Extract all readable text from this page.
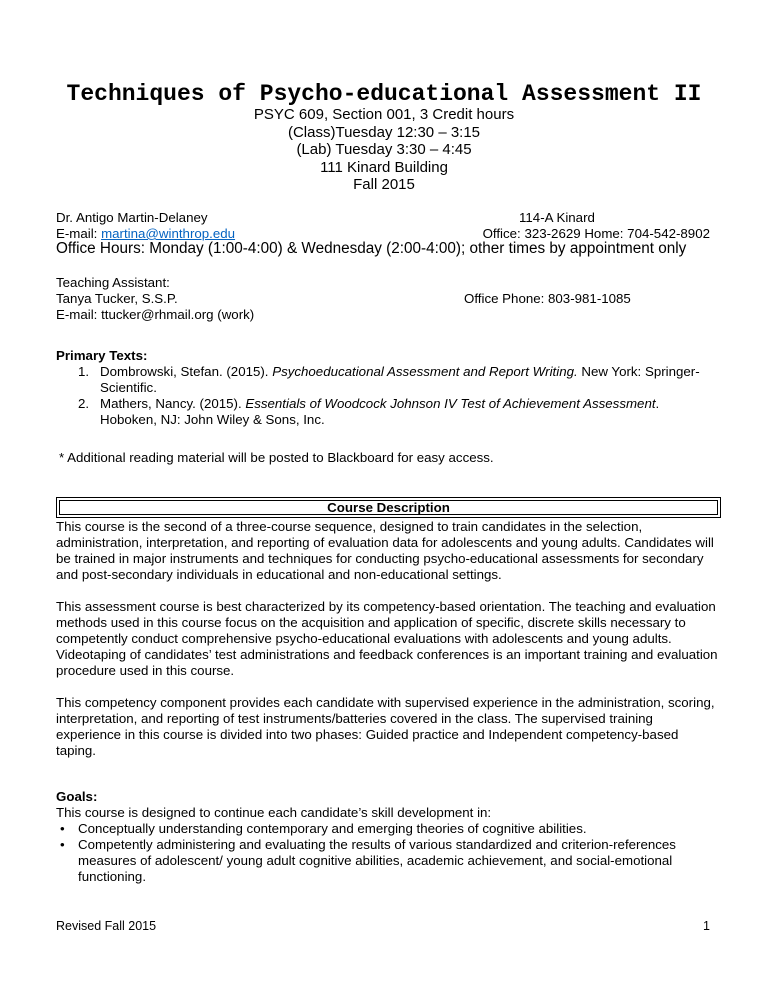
Techniques of Psycho-educational Assessment II
PSYC 609, Section 001, 3 Credit hours
(Class)Tuesday 12:30 – 3:15
(Lab) Tuesday 3:30 – 4:45
111 Kinard Building
Fall 2015
Dr. Antigo Martin-Delaney	114-A Kinard
E-mail: martina@winthrop.edu	Office: 323-2629 Home: 704-542-8902
Office Hours: Monday (1:00-4:00) & Wednesday (2:00-4:00); other times by appointment only
Teaching Assistant:
Tanya Tucker, S.S.P.	Office Phone: 803-981-1085
E-mail: ttucker@rhmail.org (work)
Primary Texts:
1. Dombrowski, Stefan. (2015). Psychoeducational Assessment and Report Writing. New York: Springer-Scientific.
2. Mathers, Nancy. (2015). Essentials of Woodcock Johnson IV Test of Achievement Assessment. Hoboken, NJ: John Wiley & Sons, Inc.
* Additional reading material will be posted to Blackboard for easy access.
Course Description
This course is the second of a three-course sequence, designed to train candidates in the selection, administration, interpretation, and reporting of evaluation data for adolescents and young adults. Candidates will be trained in major instruments and techniques for conducting psycho-educational assessments for secondary and post-secondary individuals in educational and non-educational settings.
This assessment course is best characterized by its competency-based orientation. The teaching and evaluation methods used in this course focus on the acquisition and application of specific, discrete skills necessary to competently conduct comprehensive psycho-educational evaluations with adolescents and young adults. Videotaping of candidates’ test administrations and feedback conferences is an important training and evaluation procedure used in this course.
This competency component provides each candidate with supervised experience in the administration, scoring, interpretation, and reporting of test instruments/batteries covered in the class. The supervised training experience in this course is divided into two phases: Guided practice and Independent competency-based taping.
Goals:
This course is designed to continue each candidate’s skill development in:
• Conceptually understanding contemporary and emerging theories of cognitive abilities.
• Competently administering and evaluating the results of various standardized and criterion-references measures of adolescent/ young adult cognitive abilities, academic achievement, and social-emotional functioning.
Revised Fall 2015	1
